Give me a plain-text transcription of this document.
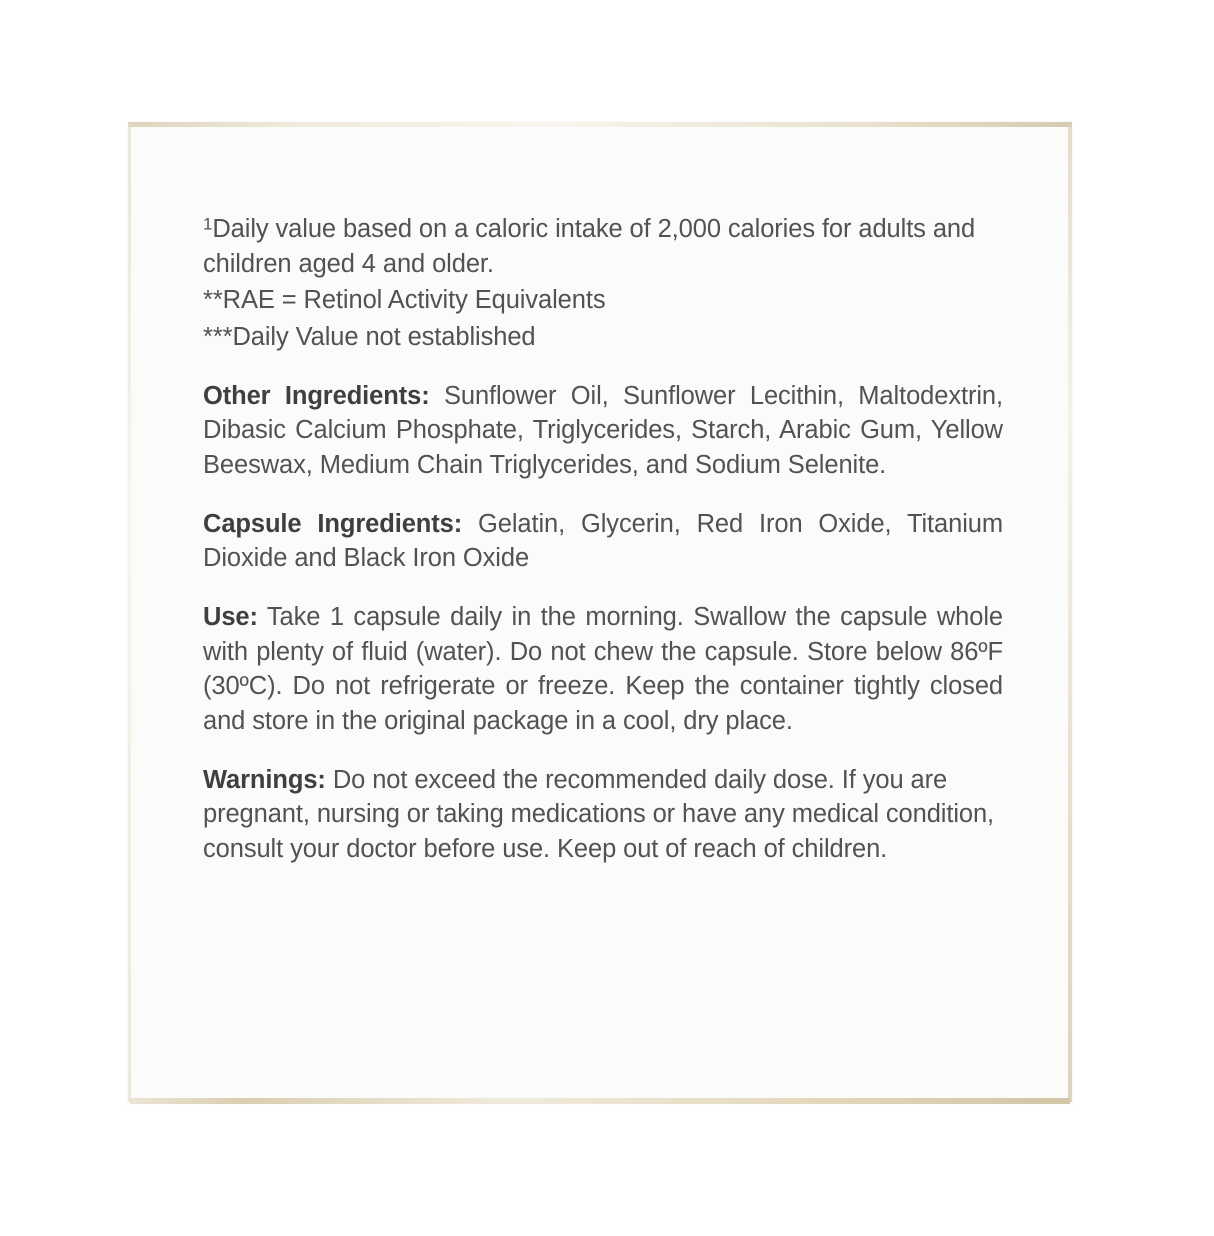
$^1$Daily value based on a caloric intake of 2,000 calories for adults and children aged 4 and older.

**RAE = Retinol Activity Equivalents

***Daily Value not established

Other Ingredients: Sunflower Oil, Sunflower Lecithin, Maltodextrin, Dibasic Calcium Phosphate, Triglycerides, Starch, Arabic Gum, Yellow Beeswax, Medium Chain Triglycerides, and Sodium Selenite.
Capsule Ingredients: Gelatin, Glycerin, Red Iron Oxide, Titanium Dioxide and Black Iron Oxide
Use: Take 1 capsule daily in the morning. Swallow the capsule whole with plenty of fluid (water). Do not chew the capsule. Store below 86ºF (30ºC). Do not refrigerate or freeze. Keep the container tightly closed and store in the original package in a cool, dry place.
Warnings: Do not exceed the recommended daily dose. If you are pregnant, nursing or taking medications or have any medical condition, consult your doctor before use. Keep out of reach of children.
